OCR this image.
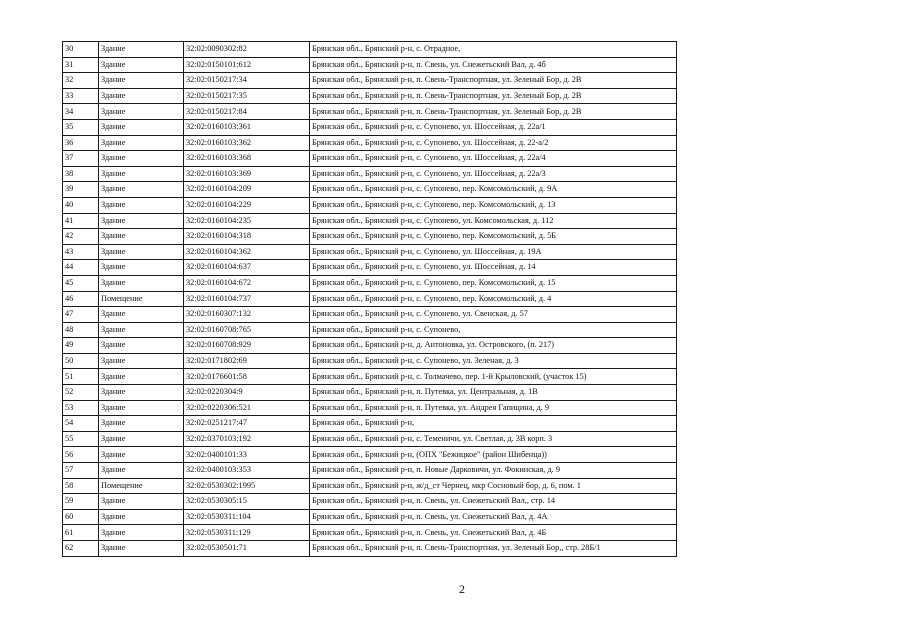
30	Здание	32:02:0090302:82	Брянская обл., Брянский р-н, с. Отрадное,
31	Здание	32:02:0150101:612	Брянская обл., Брянский р-н, п. Свень, ул. Снежетьский Вал, д. 4б
32	Здание	32:02:0150217:34	Брянская обл., Брянский р-н, п. Свень-Транспортная, ул. Зеленый Бор, д. 2В
33	Здание	32:02:0150217:35	Брянская обл., Брянский р-н, п. Свень-Транспортная, ул. Зеленый Бор, д. 2В
34	Здание	32:02:0150217:84	Брянская обл., Брянский р-н, п. Свень-Транспортная, ул. Зеленый Бор, д. 2В
35	Здание	32:02:0160103:361	Брянская обл., Брянский р-н, с. Супонево, ул. Шоссейная, д. 22а/1
36	Здание	32:02:0160103:362	Брянская обл., Брянский р-н, с. Супонево, ул. Шоссейная, д. 22-а/2
37	Здание	32:02:0160103:368	Брянская обл., Брянский р-н, с. Супонево, ул. Шоссейная, д. 22а/4
38	Здание	32:02:0160103:369	Брянская обл., Брянский р-н, с. Супонево, ул. Шоссейная, д. 22а/3
39	Здание	32:02:0160104:209	Брянская обл., Брянский р-н, с. Супонево, пер. Комсомольский, д. 9А
40	Здание	32:02:0160104:229	Брянская обл., Брянский р-н, с. Супонево, пер. Комсомольский, д. 13
41	Здание	32:02:0160104:235	Брянская обл., Брянский р-н, с. Супонево, ул. Комсомольская, д. 112
42	Здание	32:02:0160104:318	Брянская обл., Брянский р-н, с. Супонево, пер. Комсомольский, д. 5Б
43	Здание	32:02:0160104:362	Брянская обл., Брянский р-н, с. Супонево, ул. Шоссейная, д. 19А
44	Здание	32:02:0160104:637	Брянская обл., Брянский р-н, с. Супонево, ул. Шоссейная, д. 14
45	Здание	32:02:0160104:672	Брянская обл., Брянский р-н, с. Супонево, пер. Комсомольский, д. 15
46	Помещение	32:02:0160104:737	Брянская обл., Брянский р-н, с. Супонево, пер. Комсомольский, д. 4
47	Здание	32:02:0160307:132	Брянская обл., Брянский р-н, с. Супонево, ул. Свенская, д. 57
48	Здание	32:02:0160708:765	Брянская обл., Брянский р-н, с. Супонево,
49	Здание	32:02:0160708:929	Брянская обл., Брянский р-н, д. Антоновка, ул. Островского, (п. 217)
50	Здание	32:02:0171802:69	Брянская обл., Брянский р-н, с. Супонево, ул. Зеленая, д. 3
51	Здание	32:02:0176601:58	Брянская обл., Брянский р-н, с. Толмачево, пер. 1-й Крыловский, (участок 15)
52	Здание	32:02:0220304:9	Брянская обл., Брянский р-н, п. Путевка, ул. Центральная, д. 1В
53	Здание	32:02:0220306:521	Брянская обл., Брянский р-н, п. Путевка, ул. Андрея Гапицина, д. 9
54	Здание	32:02:0251217:47	Брянская обл., Брянский р-н,
55	Здание	32:02:0370103:192	Брянская обл., Брянский р-н, с. Теменичи, ул. Светлая, д. 3В корп. 3
56	Здание	32:02:0400101:33	Брянская обл., Брянский р-н, (ОПХ "Бежицкое" (район Шибенца))
57	Здание	32:02:0400103:353	Брянская обл., Брянский р-н, п. Новые Дарковичи, ул. Фокинская, д. 9
58	Помещение	32:02:0530302:1995	Брянская обл., Брянский р-н, ж/д_ст Чернец, мкр Сосновый бор, д. 6, пом. 1
59	Здание	32:02:0530305:15	Брянская обл., Брянский р-н, п. Свень, ул. Снежетьский Вал,, стр. 14
60	Здание	32:02:0530311:104	Брянская обл., Брянский р-н, п. Свень, ул. Снежетьский Вал, д. 4А
61	Здание	32:02:0530311:129	Брянская обл., Брянский р-н, п. Свень, ул. Снежетьский Вал, д. 4Б
62	Здание	32:02:0530501:71	Брянская обл., Брянский р-н, п. Свень-Транспортная, ул. Зеленый Бор,, стр. 28Б/1
2
